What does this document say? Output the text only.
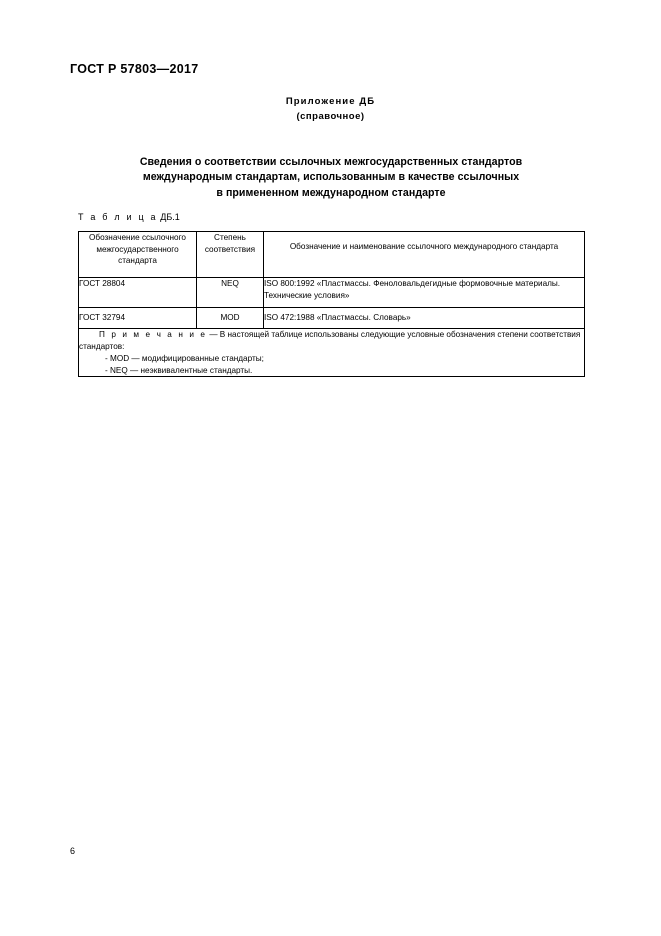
ГОСТ Р 57803—2017
Приложение ДБ
(справочное)
Сведения о соответствии ссылочных межгосударственных стандартов
международным стандартам, использованным в качестве ссылочных
в примененном международном стандарте
Т а б л и ц а ДБ.1
Обозначение ссылочного межгосударственного стандарта	Степень соответствия	Обозначение и наименование ссылочного международного стандарта
ГОСТ 28804	NEQ	ISO 800:1992 «Пластмассы. Феноловальдегидные формовочные материалы. Технические условия»
ГОСТ 32794	MOD	ISO 472:1988 «Пластмассы. Словарь»

П р и м е ч а н и е — В настоящей таблице использованы следующие условные обозначения степени соответствия стандартов:
- MOD — модифицированные стандарты;
- NEQ — неэквивалентные стандарты.		
6
